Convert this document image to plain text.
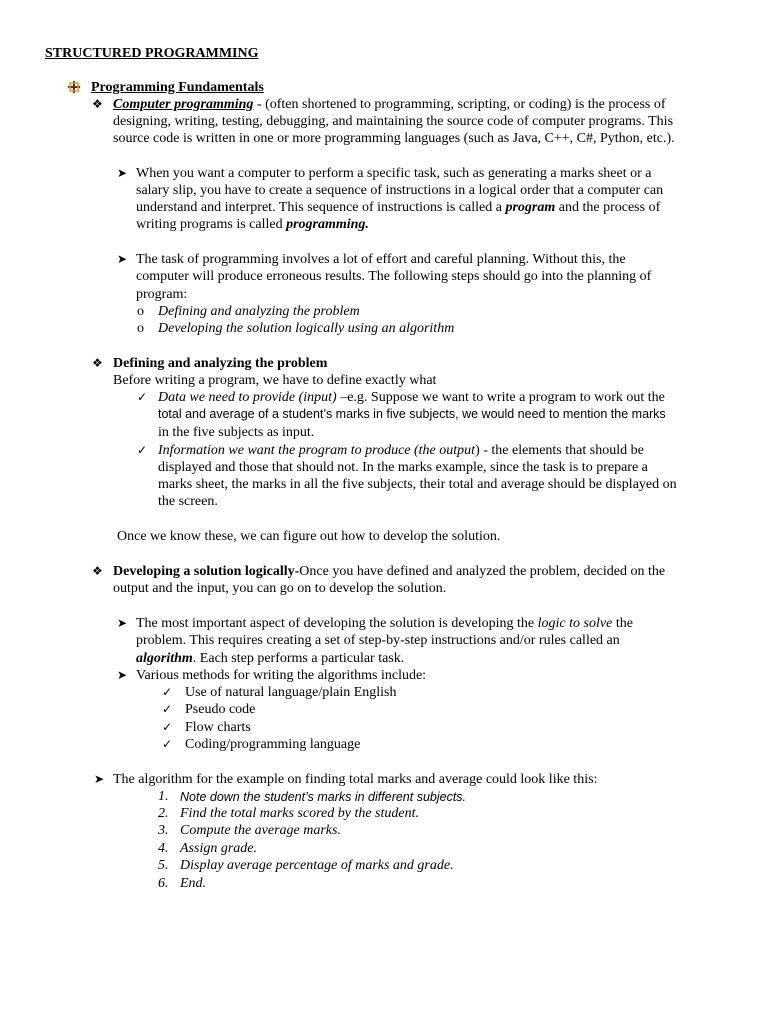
STRUCTURED PROGRAMMING
Programming Fundamentals
❖ Computer programming - (often shortened to programming, scripting, or coding) is the process of
designing, writing, testing, debugging, and maintaining the source code of computer programs. This
source code is written in one or more programming languages (such as Java, C++, C#, Python, etc.).
➤ When you want a computer to perform a specific task, such as generating a marks sheet or a
salary slip, you have to create a sequence of instructions in a logical order that a computer can
understand and interpret. This sequence of instructions is called a program and the process of
writing programs is called programming.
➤ The task of programming involves a lot of effort and careful planning. Without this, the
computer will produce erroneous results. The following steps should go into the planning of
program:
o Defining and analyzing the problem
o Developing the solution logically using an algorithm
❖ Defining and analyzing the problem
Before writing a program, we have to define exactly what
✓ Data we need to provide (input) –e.g. Suppose we want to write a program to work out the
total and average of a student’s marks in five subjects, we would need to mention the marks
in the five subjects as input.
✓ Information we want the program to produce (the output) - the elements that should be
displayed and those that should not. In the marks example, since the task is to prepare a
marks sheet, the marks in all the five subjects, their total and average should be displayed on
the screen.
Once we know these, we can figure out how to develop the solution.
❖ Developing a solution logically-Once you have defined and analyzed the problem, decided on the
output and the input, you can go on to develop the solution.
➤ The most important aspect of developing the solution is developing the logic to solve the
problem. This requires creating a set of step-by-step instructions and/or rules called an
algorithm. Each step performs a particular task.
➤ Various methods for writing the algorithms include:
✓ Use of natural language/plain English
✓ Pseudo code
✓ Flow charts
✓ Coding/programming language
➤ The algorithm for the example on finding total marks and average could look like this:
1. Note down the student’s marks in different subjects.
2. Find the total marks scored by the student.
3. Compute the average marks.
4. Assign grade.
5. Display average percentage of marks and grade.
6. End.
